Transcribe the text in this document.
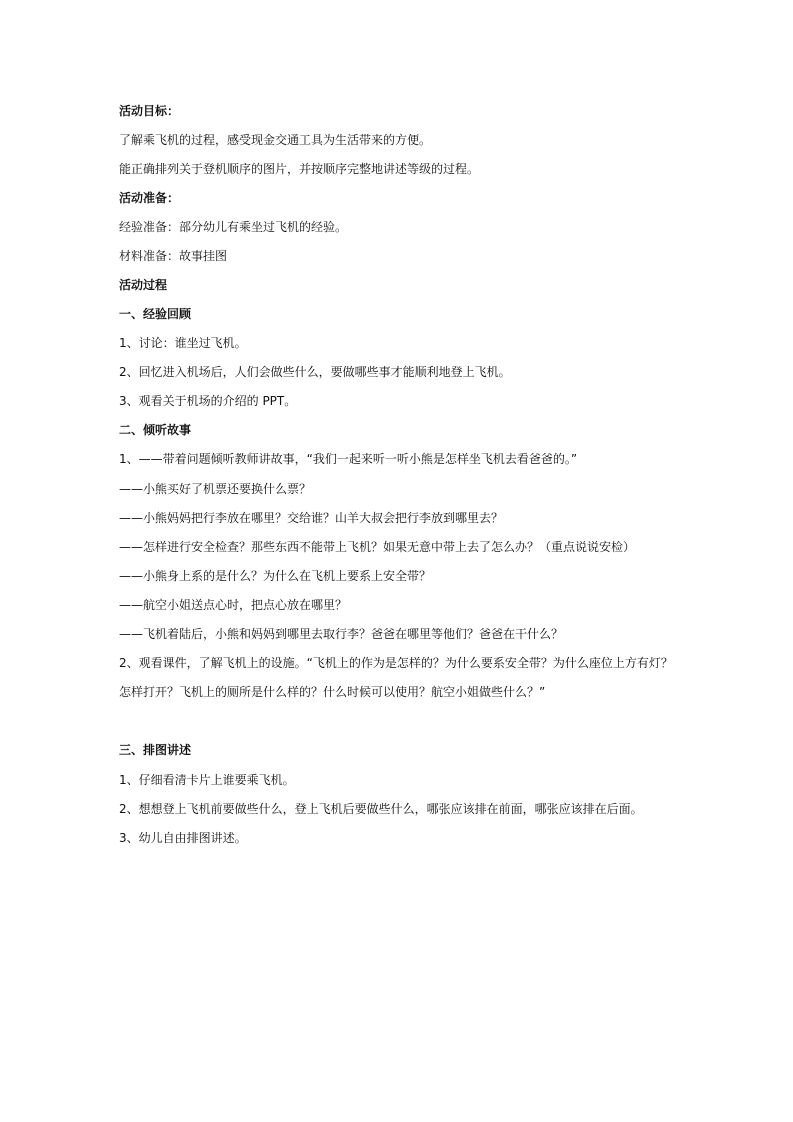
活动目标：
了解乘飞机的过程，感受现金交通工具为生活带来的方便。
能正确排列关于登机顺序的图片，并按顺序完整地讲述等级的过程。
活动准备：
经验准备：部分幼儿有乘坐过飞机的经验。
材料准备：故事挂图
活动过程
一、经验回顾
1、讨论：谁坐过飞机。
2、回忆进入机场后，人们会做些什么，要做哪些事才能顺利地登上飞机。
3、观看关于机场的介绍的 PPT。
二、倾听故事
1、——带着问题倾听教师讲故事，“我们一起来听一听小熊是怎样坐飞机去看爸爸的。”
——小熊买好了机票还要换什么票？
——小熊妈妈把行李放在哪里？交给谁？山羊大叔会把行李放到哪里去？
——怎样进行安全检查？那些东西不能带上飞机？如果无意中带上去了怎么办？（重点说说安检）
——小熊身上系的是什么？为什么在飞机上要系上安全带？
——航空小姐送点心时，把点心放在哪里？
——飞机着陆后，小熊和妈妈到哪里去取行李？爸爸在哪里等他们？爸爸在干什么？
2、观看课件，了解飞机上的设施。“飞机上的作为是怎样的？为什么要系安全带？为什么座位上方有灯？
怎样打开？飞机上的厕所是什么样的？什么时候可以使用？航空小姐做些什么？”
三、排图讲述
1、仔细看清卡片上谁要乘飞机。
2、想想登上飞机前要做些什么，登上飞机后要做些什么，哪张应该排在前面，哪张应该排在后面。
3、幼儿自由排图讲述。
